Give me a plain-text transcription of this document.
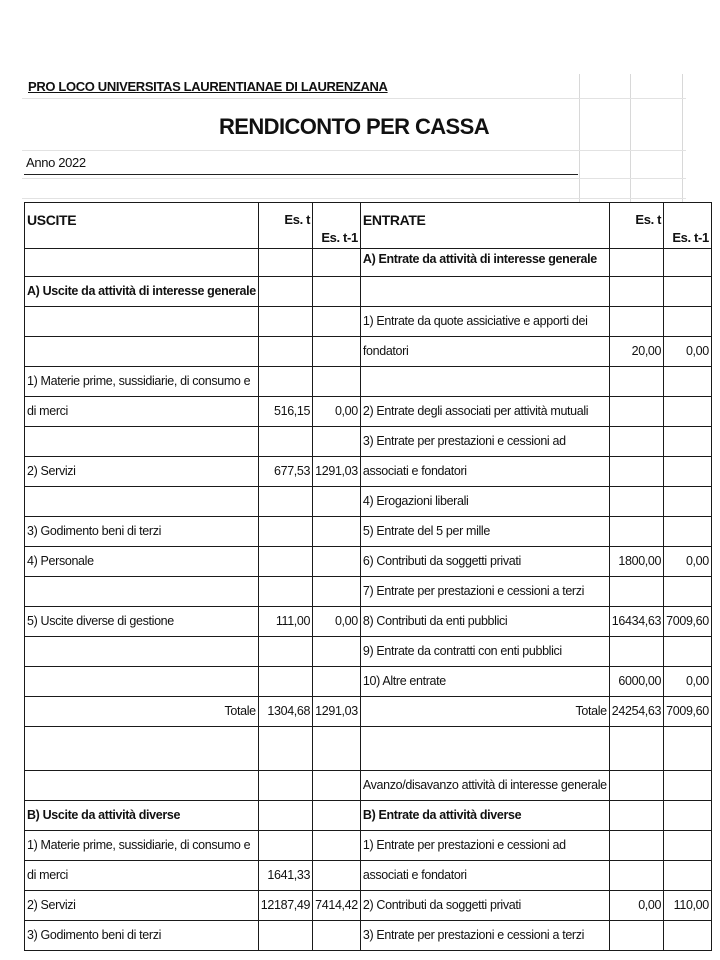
PRO LOCO UNIVERSITAS LAURENTIANAE DI LAURENZANA
RENDICONTO PER CASSA
Anno 2022
USCITE	Es. t	Es. t-1	ENTRATE	Es. t	Es. t-1
			A) Entrate da attività di interesse generale		
A) Uscite da attività di interesse generale					
			1) Entrate da quote assiciative e apporti dei		
			fondatori	20,00	0,00
1) Materie prime, sussidiarie, di consumo e					
di merci	516,15	0,00	2) Entrate degli associati per attività mutuali		
			3) Entrate per prestazioni e cessioni ad		
2) Servizi	677,53	1291,03	associati e fondatori		
			4) Erogazioni liberali		
3) Godimento beni di terzi			5) Entrate del 5 per mille		
4) Personale			6) Contributi da soggetti privati	1800,00	0,00
			7) Entrate per prestazioni e cessioni a terzi		
5) Uscite diverse di gestione	111,00	0,00	8) Contributi da enti pubblici	16434,63	7009,60
			9) Entrate da contratti con enti pubblici		
			10) Altre entrate	6000,00	0,00
Totale	1304,68	1291,03	Totale	24254,63	7009,60

			Avanzo/disavanzo attività di interesse generale		
B) Uscite da attività diverse			B) Entrate da attività diverse		
1) Materie prime, sussidiarie, di consumo e			1) Entrate per prestazioni e cessioni ad		
di merci	1641,33		associati e fondatori		
2) Servizi	12187,49	7414,42	2) Contributi da soggetti privati	0,00	110,00
3) Godimento beni di terzi			3) Entrate per prestazioni e cessioni a terzi		
